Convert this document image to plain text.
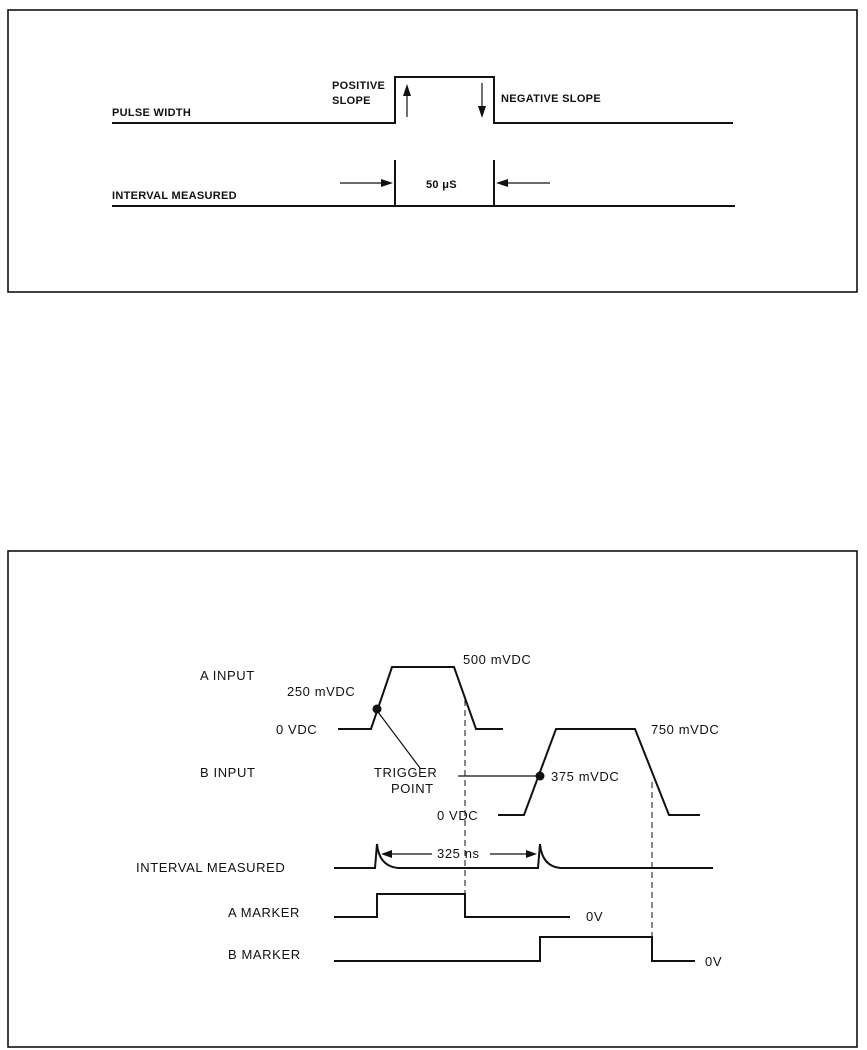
PULSE WIDTH
POSITIVE
SLOPE	NEGATIVE SLOPE
INTERVAL MEASURED
50 μS
A INPUT
250 mVDC
500 mVDC
0 VDC
B INPUT	TRIGGER
POINT
375 mVDC
750 mVDC
0 VDC
INTERVAL MEASURED
325 ns
A MARKER	0V
B MARKER	0V
